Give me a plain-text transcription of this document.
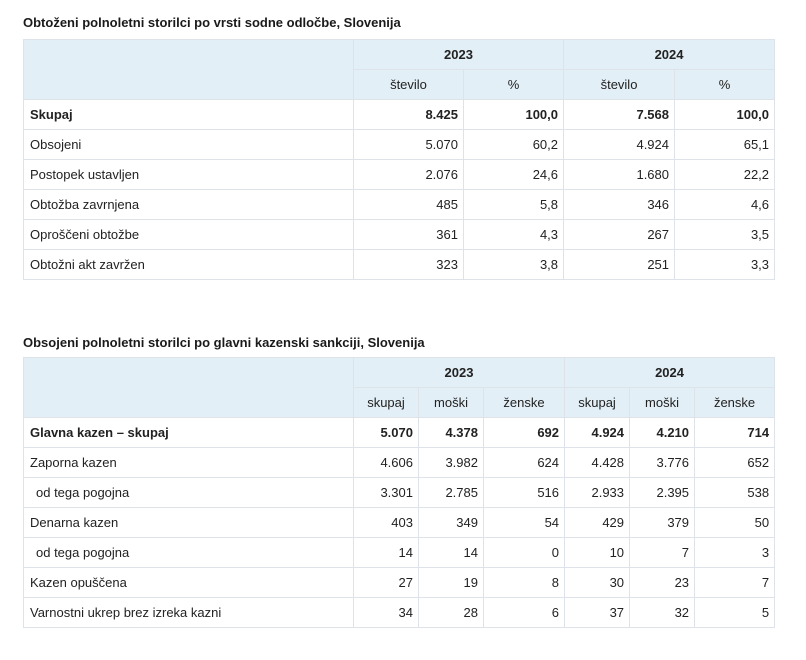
Obtoženi polnoletni storilci po vrsti sodne odločbe, Slovenija
	2023		2024	
	število	%	število	%
Skupaj	8.425	100,0	7.568	100,0
Obsojeni	5.070	60,2	4.924	65,1
Postopek ustavljen	2.076	24,6	1.680	22,2
Obtožba zavrnjena	485	5,8	346	4,6
Oproščeni obtožbe	361	4,3	267	3,5
Obtožni akt zavržen	323	3,8	251	3,3
Obsojeni polnoletni storilci po glavni kazenski sankciji, Slovenija
	2023			2024		
	skupaj	moški	ženske	skupaj	moški	ženske
Glavna kazen – skupaj	5.070	4.378	692	4.924	4.210	714
Zaporna kazen	4.606	3.982	624	4.428	3.776	652
od tega pogojna	3.301	2.785	516	2.933	2.395	538
Denarna kazen	403	349	54	429	379	50
od tega pogojna	14	14	0	10	7	3
Kazen opuščena	27	19	8	30	23	7
Varnostni ukrep brez izreka kazni	34	28	6	37	32	5
